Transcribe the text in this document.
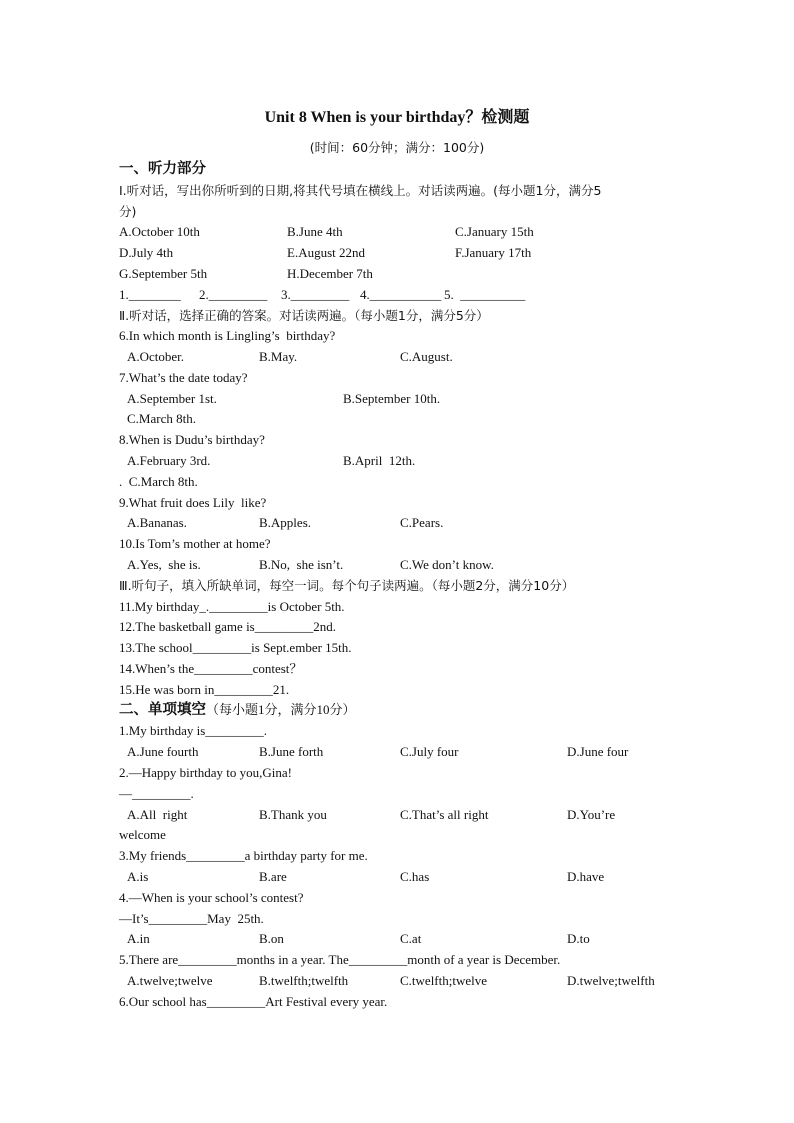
Unit 8 When is your birthday？检测题
(时间：60分钟；满分：100分)
一、听力部分
Ⅰ.听对话，写出你所听到的日期,将其代号填在横线上。对话读两遍。(每小题1分，满分5
分)
A.October 10th	B.June 4th	C.January 15th
D.July 4th	E.August 22nd	F.January 17th
G.September 5th	H.December 7th
1.________ 2._________ 3._________ 4.___________ 5.  __________
Ⅱ.听对话，选择正确的答案。对话读两遍。（每小题1分，满分5分）
6.In which month is Lingling’s  birthday?
A.October.	B.May.	C.August.
7.What’s the date today?
A.September 1st.	B.September 10th.
C.March 8th.
8.When is Dudu’s birthday?
A.February 3rd.	B.April  12th.
.  C.March 8th.
9.What fruit does Lily  like?
A.Bananas.	B.Apples.	C.Pears.
10.Is Tom’s mother at home?
A.Yes,  she is.	B.No,  she isn’t.	C.We don’t know.
Ⅲ.听句子，填入所缺单词，每空一词。每个句子读两遍。（每小题2分，满分10分）
11.My birthday_._________is October 5th.
12.The basketball game is_________2nd.
13.The school_________is Sept.ember 15th.
14.When’s the_________contest？
15.He was born in_________21.
二、单项填空（每小题1分，满分10分）
1.My birthday is_________.
A.June fourth	B.June forth	C.July four	D.June four
2.—Happy birthday to you,Gina!
—_________.
A.All  right	B.Thank you	C.That’s all right	D.You’re
welcome
3.My friends_________a birthday party for me.
A.is	B.are	C.has	D.have
4.—When is your school’s contest?
—It’s_________May  25th.
A.in	B.on	C.at	D.to
5.There are_________months in a year. The_________month of a year is December.
A.twelve;twelve	B.twelfth;twelfth	C.twelfth;twelve	D.twelve;twelfth
6.Our school has_________Art Festival every year.
